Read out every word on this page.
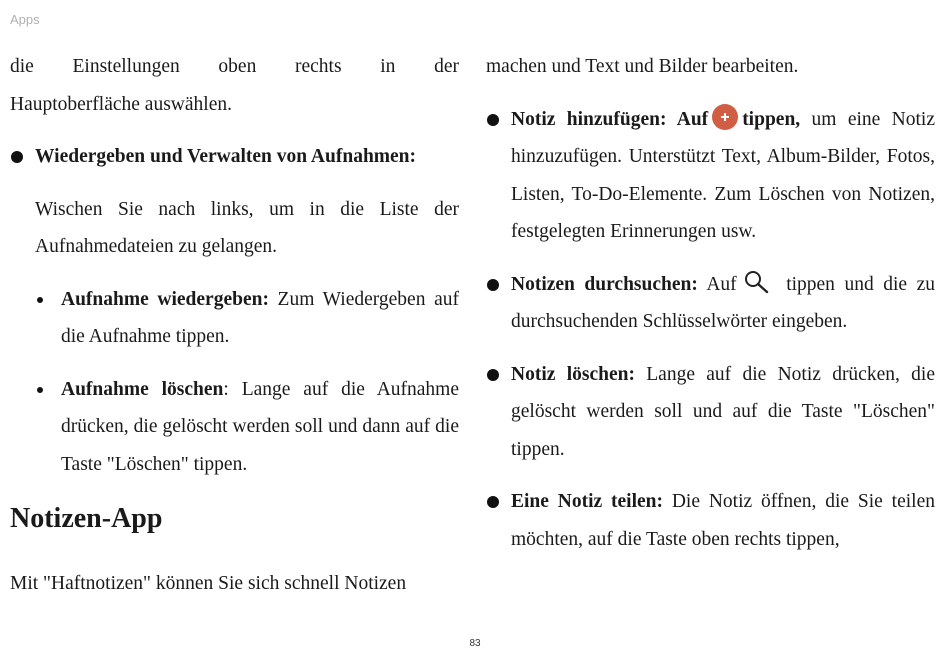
Apps

die Einstellungen oben rechts in der

Hauptoberfläche auswählen.

Wiedergeben und Verwalten von Aufnahmen:

Wischen Sie nach links, um in die Liste der Aufnahmedateien zu gelangen.

Aufnahme wiedergeben: Zum Wiedergeben auf die Aufnahme tippen.
Aufnahme löschen: Lange auf die Aufnahme drücken, die gelöscht werden soll und dann auf die Taste "Löschen" tippen.
Notizen-App

Mit "Haftnotizen" können Sie sich schnell Notizen

machen und Text und Bilder bearbeiten.

Notiz hinzufügen: Auf tippen, um eine Notiz hinzuzufügen. Unterstützt Text, Album-Bilder, Fotos, Listen, To-Do-Elemente. Zum Löschen von Notizen, festgelegten Erinnerungen usw.
Notizen durchsuchen: Auf tippen und die zu durchsuchenden Schlüsselwörter eingeben.
Notiz löschen: Lange auf die Notiz drücken, die gelöscht werden soll und auf die Taste "Löschen" tippen.
Eine Notiz teilen: Die Notiz öffnen, die Sie teilen möchten, auf die Taste oben rechts tippen,
83
